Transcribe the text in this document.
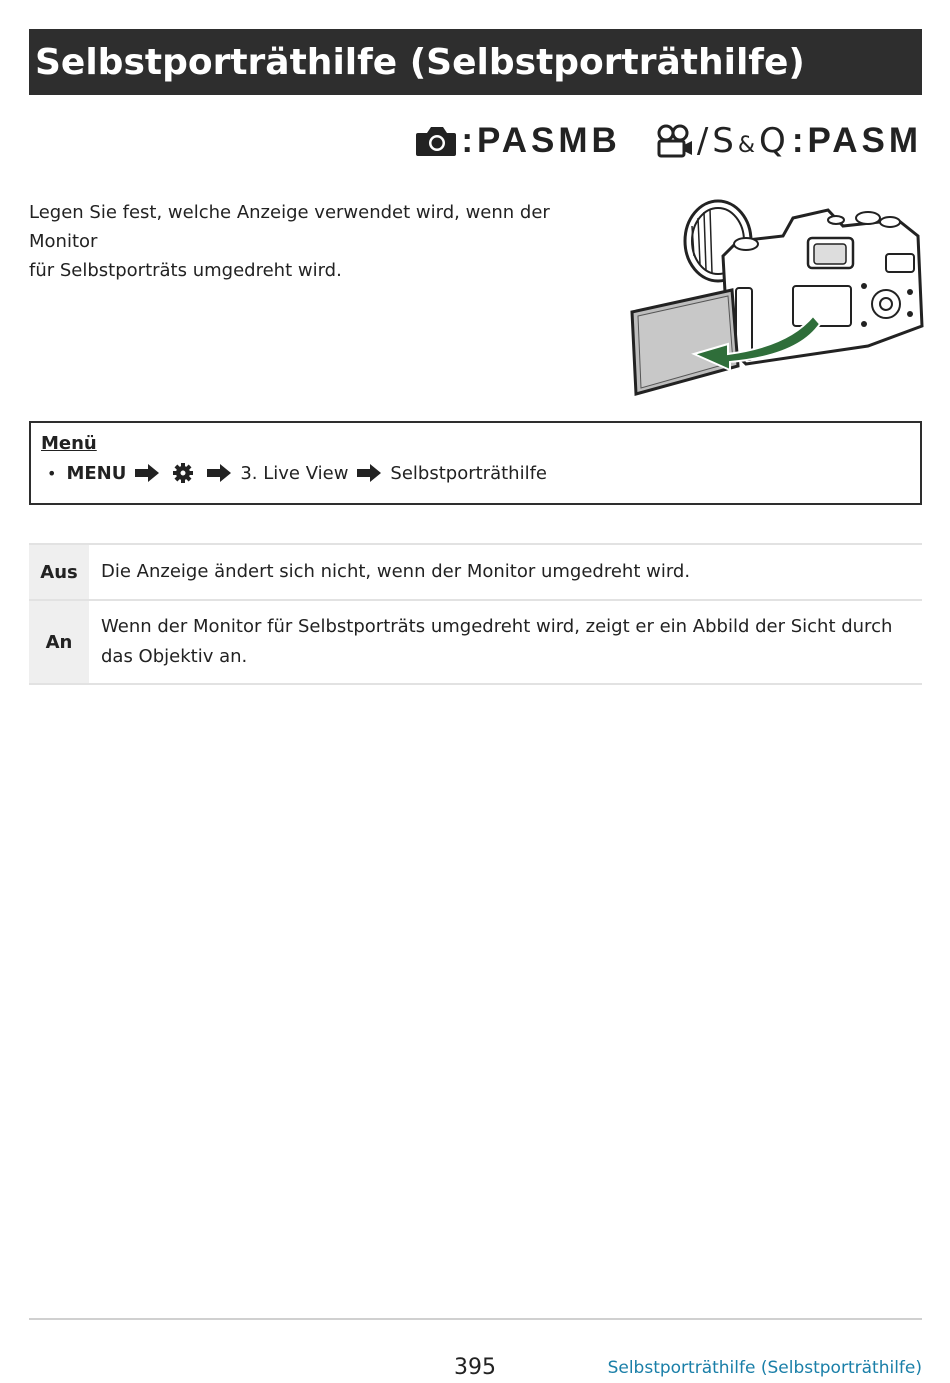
Selbstporträthilfe (Selbstporträthilfe)
: PASMB / S & Q : PASM
Legen Sie fest, welche Anzeige verwendet wird, wenn der Monitor
für Selbstporträts umgedreht wird.
Menü
• MENU	3. Live View Selbstporträthilfe
Aus	Die Anzeige ändert sich nicht, wenn der Monitor umgedreht wird.
An	Wenn der Monitor für Selbstporträts umgedreht wird, zeigt er ein Abbild der Sicht durch das Objektiv an.
395	Selbstporträthilfe (Selbstporträthilfe)
